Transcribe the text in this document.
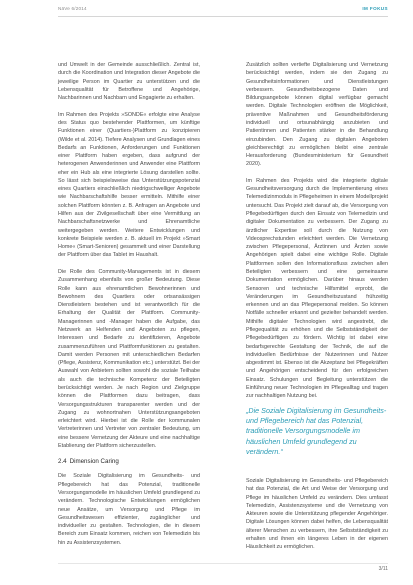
NäVe 6/2014	IM FOKUS

und Umwelt in der Gemeinde ausschließlich. Zentral ist, durch die Koordination und Integration dieser Angebote die jeweilige Person im Quartier zu unterstützen und die Lebensqualität für Betroffene und Angehörige, Nachbarinnen und Nachbarn und Engagierte zu erhalten.

Im Rahmen des Projekts »SONDE« erfolgte eine Analyse des Status quo bestehender Plattformen, um künftige Funktionen einer (Quartiers-)Plattform zu konzipieren (Wilde et al. 2014). Tiefere Analysen und Grundlagen eines Bedarfs an Funktionen, Anforderungen und Funktionen einer Plattform haben ergeben, dass aufgrund der heterogenen Anwenderinnen und Anwender eine Plattform eher ein Hub als eine integrierte Lösung darstellen sollte. So lässt sich beispielsweise das Unterstützungspotenzial eines Quartiers einschließlich niedrigschwelliger Angebote wie Nachbarschaftshilfe besser ermitteln. Mithilfe einer solchen Plattform könnten z. B. Anfragen an Angebote und Hilfen aus der Zivilgesellschaft über eine Vermittlung an Nachbarschaftsnetzwerke und Ehrenamtliche weitergegeben werden. Weitere Entwicklungen und konkrete Beispiele werden z. B. aktuell im Projekt »Smart Home« (Smart-Senioren) gesammelt und einer Darstellung der Plattform über das Tablet im Haushalt.

Die Rolle des Community-Managements ist in diesem Zusammenhang ebenfalls von großer Bedeutung. Diese Rolle kann aus ehrenamtlichen Bewohnerinnen und Bewohnern des Quartiers oder ortsansässigen Dienstleistern bestehen und ist verantwortlich für die Erhaltung der Qualität der Plattform. Community-Managerinnen und -Manager haben die Aufgabe, das Netzwerk an Helfenden und Angeboten zu pflegen, Interessen und Bedarfe zu identifizieren, Angebote zusammenzuführen und Plattformfunktionen zu gestalten. Damit werden Personen mit unterschiedlichen Bedarfen (Pflege, Assistenz, Kommunikation etc.) unterstützt. Bei der Auswahl von Anbietern sollten sowohl die soziale Teilhabe als auch die technische Kompetenz der Beteiligten berücksichtigt werden. Je nach Region und Zielgruppe können die Plattformen dazu beitragen, dass Versorgungsstrukturen transparenter werden und der Zugang zu wohnortnahen Unterstützungsangeboten erleichtert wird. Hierbei ist die Rolle der kommunalen Vertreterinnen und Vertreter von zentraler Bedeutung, um eine bessere Vernetzung der Akteure und eine nachhaltige Etablierung der Plattform sicherzustellen.

2.4 Dimension Caring

Die Soziale Digitalisierung im Gesundheits- und Pflegebereich hat das Potenzial, traditionelle Versorgungsmodelle im häuslichen Umfeld grundlegend zu verändern. Technologische Entwicklungen ermöglichen neue Ansätze, um Versorgung und Pflege im Gesundheitswesen effizienter, zugänglicher und individueller zu gestalten. Technologien, die in diesem Bereich zum Einsatz kommen, reichen von Telemedizin bis hin zu Assistenzsystemen.

Zusätzlich sollten vertiefte Digitalisierung und Vernetzung berücksichtigt werden, indem sie den Zugang zu Gesundheitsinformationen und Dienstleistungen verbessern. Gesundheitsbezogene Daten und Bildungsangebote können digital verfügbar gemacht werden. Digitale Technologien eröffnen die Möglichkeit, präventive Maßnahmen und Gesundheitsförderung individuell und ortsunabhängig anzubieten und Patientinnen und Patienten stärker in die Behandlung einzubinden. Den Zugang zu digitalen Angeboten gleichberechtigt zu ermöglichen bleibt eine zentrale Herausforderung (Bundesministerium für Gesundheit 2020).

Im Rahmen des Projekts wird die integrierte digitale Gesundheitsversorgung durch die Implementierung eines Telemedizinmoduls in Pflegeheimen in einem Modellprojekt untersucht. Das Projekt zielt darauf ab, die Versorgung von Pflegebedürftigen durch den Einsatz von Telemedizin und digitaler Dokumentation zu verbessern. Der Zugang zu ärztlicher Expertise soll durch die Nutzung von Videosprechstunden erleichtert werden. Die Vernetzung zwischen Pflegepersonal, Ärztinnen und Ärzten sowie Angehörigen spielt dabei eine wichtige Rolle. Digitale Plattformen sollen den Informationsfluss zwischen allen Beteiligten verbessern und eine gemeinsame Dokumentation ermöglichen. Darüber hinaus werden Sensoren und technische Hilfsmittel erprobt, die Veränderungen im Gesundheitszustand frühzeitig erkennen und an das Pflegepersonal melden. So können Notfälle schneller erkannt und gezielter behandelt werden. Mithilfe digitaler Technologien wird angestrebt, die Pflegequalität zu erhöhen und die Selbstständigkeit der Pflegebedürftigen zu fördern. Wichtig ist dabei eine bedarfsgerechte Gestaltung der Technik, die auf die individuellen Bedürfnisse der Nutzerinnen und Nutzer abgestimmt ist. Ebenso ist die Akzeptanz bei Pflegekräften und Angehörigen entscheidend für den erfolgreichen Einsatz. Schulungen und Begleitung unterstützen die Einführung neuer Technologien im Pflegealltag und tragen zur nachhaltigen Nutzung bei.

„Die Soziale Digitalisierung im Gesundheits- und Pflegebereich hat das Potenzial, traditionelle Versorgungsmodelle im häuslichen Umfeld grundlegend zu verändern.“

Soziale Digitalisierung im Gesundheits- und Pflegebereich hat das Potenzial, die Art und Weise der Versorgung und Pflege im häuslichen Umfeld zu verändern. Dies umfasst Telemedizin, Assistenzsysteme und die Vernetzung von Akteuren sowie die Unterstützung pflegender Angehöriger. Digitale Lösungen können dabei helfen, die Lebensqualität älterer Menschen zu verbessern, ihre Selbstständigkeit zu erhalten und ihnen ein längeres Leben in der eigenen Häuslichkeit zu ermöglichen.

3/11
